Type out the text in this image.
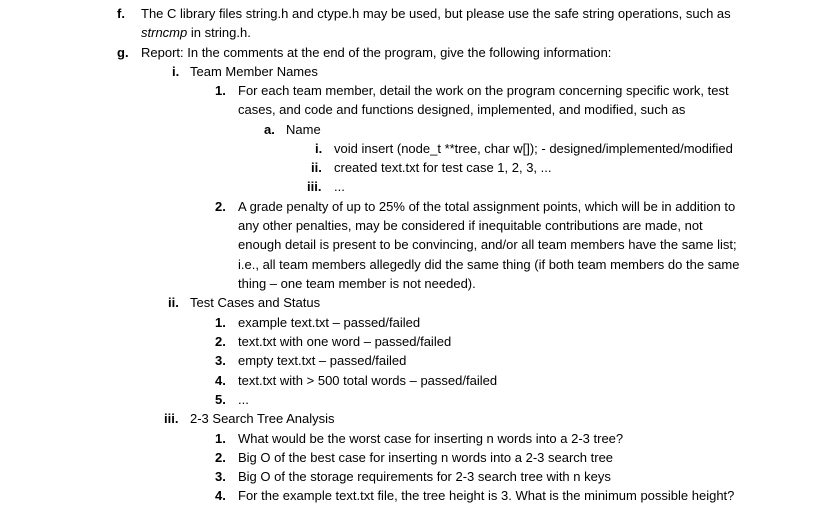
f. The C library files string.h and ctype.h may be used, but please use the safe string operations, such as
strncmp in string.h.
g. Report: In the comments at the end of the program, give the following information:
i. Team Member Names
1. For each team member, detail the work on the program concerning specific work, test
cases, and code and functions designed, implemented, and modified, such as
a. Name
i. void insert (node_t **tree, char w[]); - designed/implemented/modified
ii. created text.txt for test case 1, 2, 3, ...
iii. ...
2. A grade penalty of up to 25% of the total assignment points, which will be in addition to
any other penalties, may be considered if inequitable contributions are made, not
enough detail is present to be convincing, and/or all team members have the same list;
i.e., all team members allegedly did the same thing (if both team members do the same
thing – one team member is not needed).
ii. Test Cases and Status
1. example text.txt – passed/failed
2. text.txt with one word – passed/failed
3. empty text.txt – passed/failed
4. text.txt with > 500 total words – passed/failed
5. ...
iii. 2-3 Search Tree Analysis
1. What would be the worst case for inserting n words into a 2-3 tree?
2. Big O of the best case for inserting n words into a 2-3 search tree
3. Big O of the storage requirements for 2-3 search tree with n keys
4. For the example text.txt file, the tree height is 3. What is the minimum possible height?
